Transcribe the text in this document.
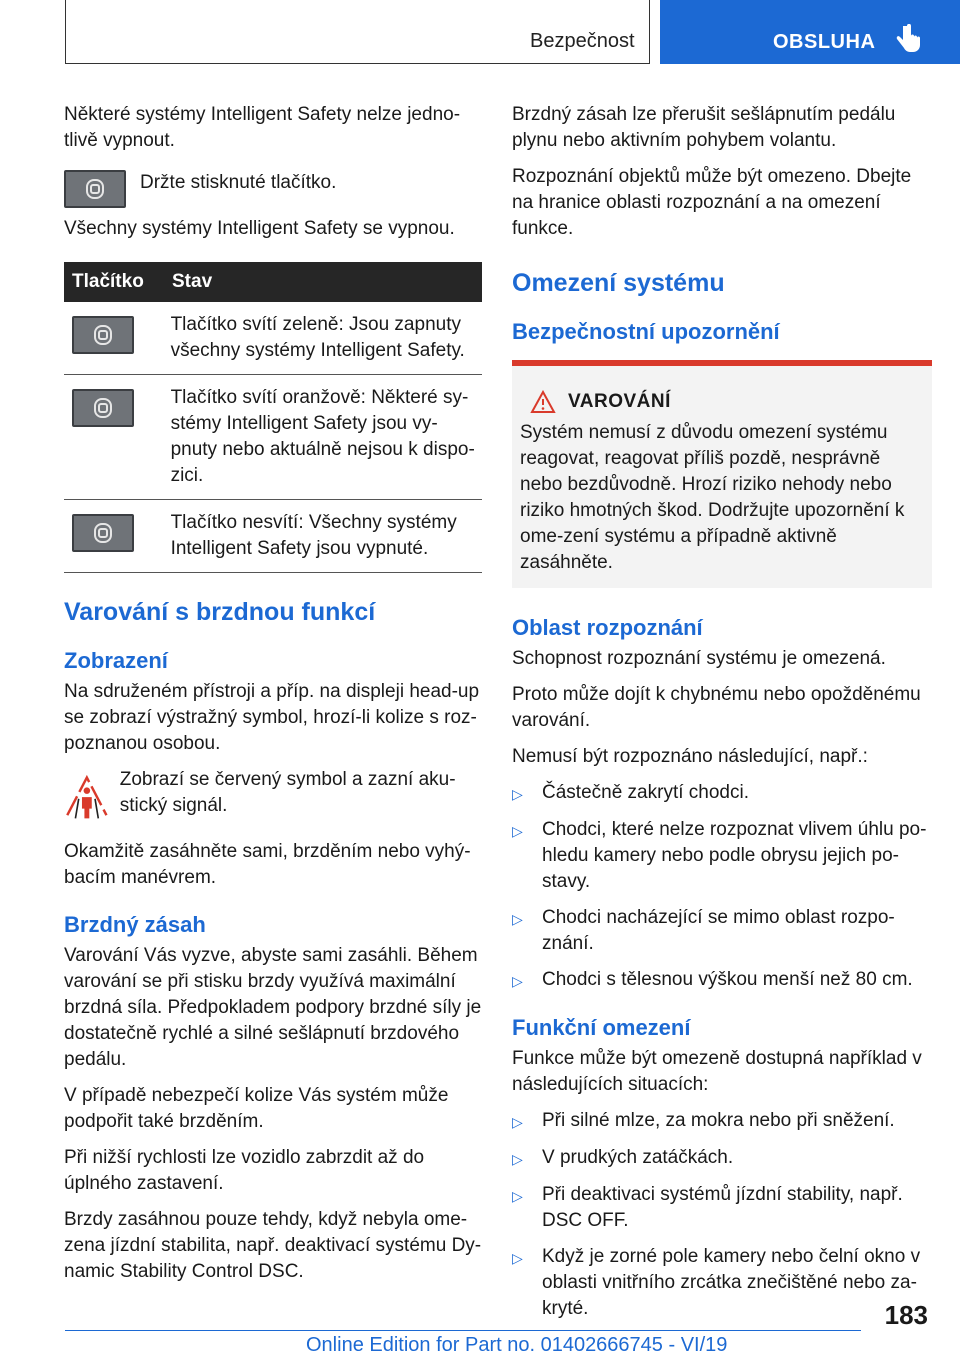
Bezpečnost	OBSLUHA

Některé systémy Intelligent Safety nelze jedno-tlivě vypnout.

Držte stisknuté tlačítko.

Všechny systémy Intelligent Safety se vypnou.

Tlačítko	Stav
Tlačítko svítí zeleně: Jsou zapnuty všechny systémy Intelligent Safety.
Tlačítko svítí oranžově: Některé sy-stémy Intelligent Safety jsou vy-pnuty nebo aktuálně nejsou k dispo-zici.
Tlačítko nesvítí: Všechny systémy Intelligent Safety jsou vypnuté.
Varování s brzdnou funkcí
Zobrazení

Na sdruženém přístroji a příp. na displeji head-up se zobrazí výstražný symbol, hrozí-li kolize s roz-poznanou osobou.

Zobrazí se červený symbol a zazní aku-stický signál.

Okamžitě zasáhněte sami, brzděním nebo vyhý-bacím manévrem.

Brzdný zásah

Varování Vás vyzve, abyste sami zasáhli. Během varování se při stisku brzdy využívá maximální brzdná síla. Předpokladem podpory brzdné síly je dostatečně rychlé a silné sešlápnutí brzdového pedálu.

V případě nebezpečí kolize Vás systém může podpořit také brzděním.

Při nižší rychlosti lze vozidlo zabrzdit až do úplného zastavení.

Brzdy zasáhnou pouze tehdy, když nebyla ome-zena jízdní stabilita, např. deaktivací systému Dy-namic Stability Control DSC.

Brzdný zásah lze přerušit sešlápnutím pedálu plynu nebo aktivním pohybem volantu.

Rozpoznání objektů může být omezeno. Dbejte na hranice oblasti rozpoznání a na omezení funkce.

Omezení systému
Bezpečnostní upozornění
VAROVÁNÍ

Systém nemusí z důvodu omezení systému reagovat, reagovat příliš pozdě, nesprávně nebo bezdůvodně. Hrozí riziko nehody nebo riziko hmotných škod. Dodržujte upozornění k ome-zení systému a případně aktivně zasáhněte.

Oblast rozpoznání

Schopnost rozpoznání systému je omezená.

Proto může dojít k chybnému nebo opožděnému varování.

Nemusí být rozpoznáno následující, např.:

▷	Částečně zakrytí chodci.
▷	Chodci, které nelze rozpoznat vlivem úhlu po-hledu kamery nebo podle obrysu jejich po-stavy.
▷	Chodci nacházející se mimo oblast rozpo-znání.
▷	Chodci s tělesnou výškou menší než 80 cm.
Funkční omezení

Funkce může být omezeně dostupná například v následujících situacích:

▷	Při silné mlze, za mokra nebo při sněžení.
▷	V prudkých zatáčkách.
▷	Při deaktivaci systémů jízdní stability, např. DSC OFF.
▷	Když je zorné pole kamery nebo čelní okno v oblasti vnitřního zrcátka znečištěné nebo za-kryté.	183
Online Edition for Part no. 01402666745 - VI/19
